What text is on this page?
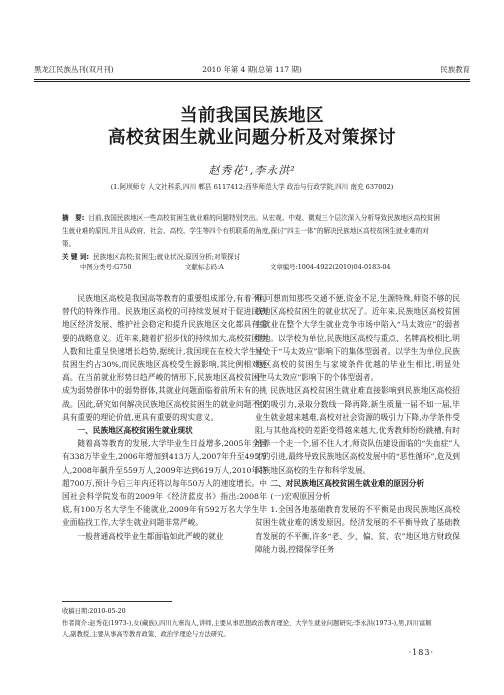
黑龙江民族丛刊(双月刊)	2010 年第 4 期(总第 117 期)	民族教育
当前我国民族地区
高校贫困生就业问题分析及对策探讨
赵秀花¹,李永洪²
(1.阿坝师专 人文社科系,四川 郫县 6117412;西华师范大学 政治与行政学院,四川 南充 637002)
摘　要: 目前,我国民族地区一些高校贫困生就业难的问题特别突出。从宏观、中观、微观三个层次深入分析导致民族地区高校贫困生就业难的原因,并且从政府、社会、高校、学生等四个有机联系的角度,探讨“四主一体”的解决民族地区高校贫困生就业难的对策。
关 键 词: 民族地区高校;贫困生;就业状况;原因分析;对策探讨
中图分类号:G750	文献标志码:A	文章编号:1004-4922(2010)04-0183-04

民族地区高校是我国高等教育的重要组成部分,有着不可替代的特殊作用。民族地区高校的可持续发展对于促进民族地区经济发展、维护社会稳定和提升民族地区文化都具有重要的战略意义。近年来,随着扩招步伐的持续加大,高校贫困生人数和比重呈快速增长趋势,据统计,我国现在在校大学生中,贫困生约占30%,而民族地区高校受生源影响,其比例相对更高。在当前就业形势日趋严峻的情形下,民族地区高校贫困生成为弱势群体中的弱势群体,其就业问题面临着前所未有的挑战。因此,研究如何解决民族地区高校贫困生的就业问题不仅具有重要的理论价值,更具有重要的现实意义。

一、民族地区高校贫困生就业现状

随着高等教育的发展,大学毕业生日益增多,2005年全国有338万毕业生,2006年增加到413万人,2007年升至495万人,2008年飙升至559万人,2009年达到619万人,2010年将超700万,预计今后三年内还将以每年50万人的速度增长。中国社会科学院发布的2009年《经济蓝皮书》指出:2008年底,有100万名大学生不能就业,2009年有592万名大学生毕业面临找工作,大学生就业问题非常严峻。

一般普通高校毕业生都面临如此严峻的就业

难,可想而知那些交通不便,资金不足,生源特殊,师资不够的民族地区高校贫困生的就业状况了。近年来,民族地区高校贫困生就业在整个大学生就业竞争市场中陷入“马太效应”的弱者境地。以学校为单位,民族地区高校与重点、名牌高校相比,明显处于“马太效应”影响下的集体型弱者。以学生为单位,民族地区高校的贫困生与家境条件优越的毕业生相比,明显处于“马太效应”影响下的个体型弱者。

民族地区高校贫困生就业难直接影响到民族地区高校招生的吸引力,录取分数线一降再降,新生质量一届不如一届,毕业生就业越来越难,高校对社会资源的吸引力下降,办学条件受阻,与其他高校的差距变得越来越大,优秀教师纷纷跳槽,有时培养一个走一个,留不住人才,师资队伍建设面临的“失血症”人才的引进,最终导致民族地区高校发展中的“恶性循环”,危及到民族地区高校的生存和科学发展。

二、对民族地区高校贫困生就业难的原因分析
(一)宏观原因分析

1.全国各地基础教育发展的不平衡是由现民族地区高校贫困生就业难的诱发原因。经济发展的不平衡导致了基础教育发展的不平衡,许多“老、少、偏、贫、农”地区地方财政保障能力弱,控辍保学任务

收稿日期:2010-05-20
作者简介:赵秀花(1973-),女(藏族),四川九寨沟人,讲师,主要从事思想政治教育理论、大学生就业问题研究;李永洪(1973-),男,四川富顺人,副教授,主要从事高等教育政策、政治学理论与方法研究。
·183·
